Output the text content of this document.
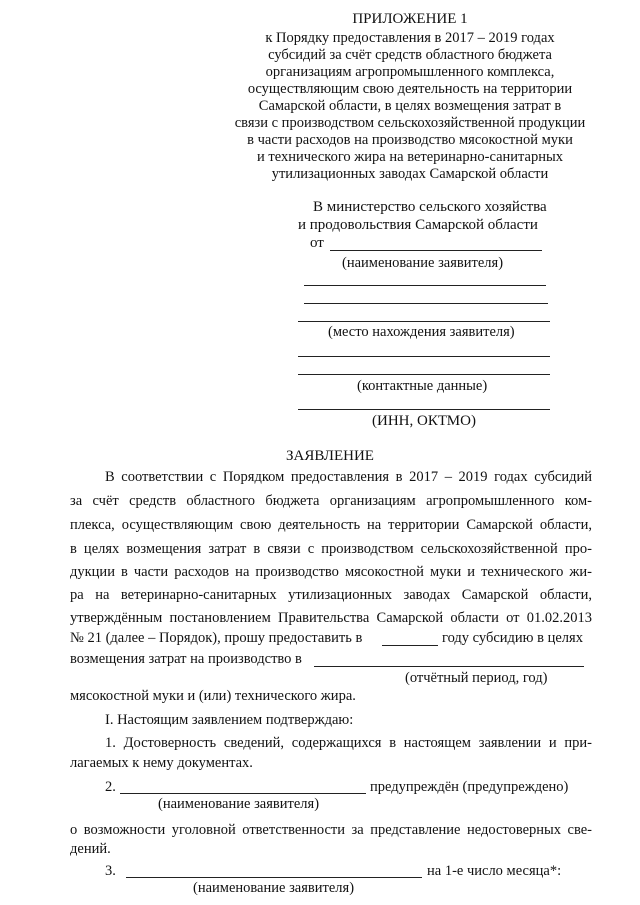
ПРИЛОЖЕНИЕ 1
к Порядку предоставления в 2017 – 2019 годах
субсидий за счёт средств областного бюджета
организациям агропромышленного комплекса,
осуществляющим свою деятельность на территории
Самарской области, в целях возмещения затрат в
связи с производством сельскохозяйственной продукции
в части расходов на производство мясокостной муки
и технического жира на ветеринарно-санитарных
утилизационных заводах Самарской области
В министерство сельского хозяйства
и продовольствия Самарской области
от
(наименование заявителя)
(место нахождения заявителя)
(контактные данные)
(ИНН, ОКТМО)
ЗАЯВЛЕНИЕ
В соответствии с Порядком предоставления в 2017 – 2019 годах субсидий
за счёт средств областного бюджета организациям агропромышленного ком-
плекса, осуществляющим свою деятельность на территории Самарской области,
в целях возмещения затрат в связи с производством сельскохозяйственной про-
дукции в части расходов на производство мясокостной муки и технического жи-
ра на ветеринарно-санитарных утилизационных заводах Самарской области,
утверждённым постановлением Правительства Самарской области от 01.02.2013
№ 21 (далее – Порядок), прошу предоставить в	году субсидию в целях
возмещения затрат на производство в
(отчётный период, год)
мясокостной муки и (или) технического жира.
I. Настоящим заявлением подтверждаю:
1. Достоверность сведений, содержащихся в настоящем заявлении и при-
лагаемых к нему документах.
2.	предупреждён (предупреждено)
(наименование заявителя)
о возможности уголовной ответственности за представление недостоверных све-
дений.
3.	на 1-е число месяца*:
(наименование заявителя)
